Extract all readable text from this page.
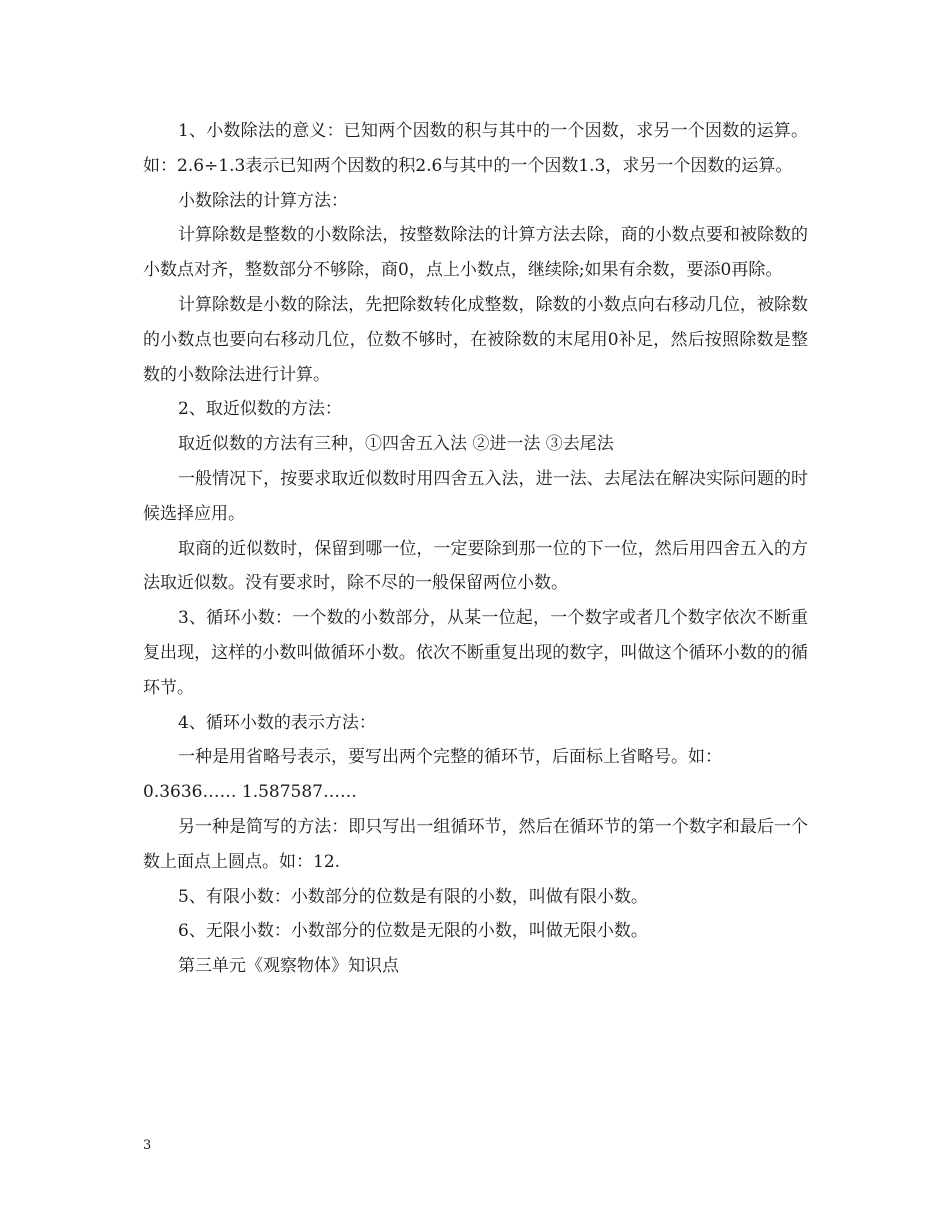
1、小数除法的意义：已知两个因数的积与其中的一个因数，求另一个因数的运算。如：2.6÷1.3表示已知两个因数的积2.6与其中的一个因数1.3，求另一个因数的运算。

小数除法的计算方法：

计算除数是整数的小数除法，按整数除法的计算方法去除，商的小数点要和被除数的小数点对齐，整数部分不够除，商0，点上小数点，继续除;如果有余数，要添0再除。

计算除数是小数的除法，先把除数转化成整数，除数的小数点向右移动几位，被除数的小数点也要向右移动几位，位数不够时，在被除数的末尾用0补足，然后按照除数是整数的小数除法进行计算。

2、取近似数的方法：

取近似数的方法有三种，①四舍五入法 ②进一法 ③去尾法

一般情况下，按要求取近似数时用四舍五入法，进一法、去尾法在解决实际问题的时候选择应用。

取商的近似数时，保留到哪一位，一定要除到那一位的下一位，然后用四舍五入的方法取近似数。没有要求时，除不尽的一般保留两位小数。

3、循环小数：一个数的小数部分，从某一位起，一个数字或者几个数字依次不断重复出现，这样的小数叫做循环小数。依次不断重复出现的数字，叫做这个循环小数的的循环节。

4、循环小数的表示方法：

一种是用省略号表示，要写出两个完整的循环节，后面标上省略号。如：

0.3636…… 1.587587……

另一种是简写的方法：即只写出一组循环节，然后在循环节的第一个数字和最后一个数上面点上圆点。如：12.

5、有限小数：小数部分的位数是有限的小数，叫做有限小数。

6、无限小数：小数部分的位数是无限的小数，叫做无限小数。

第三单元《观察物体》知识点

3
